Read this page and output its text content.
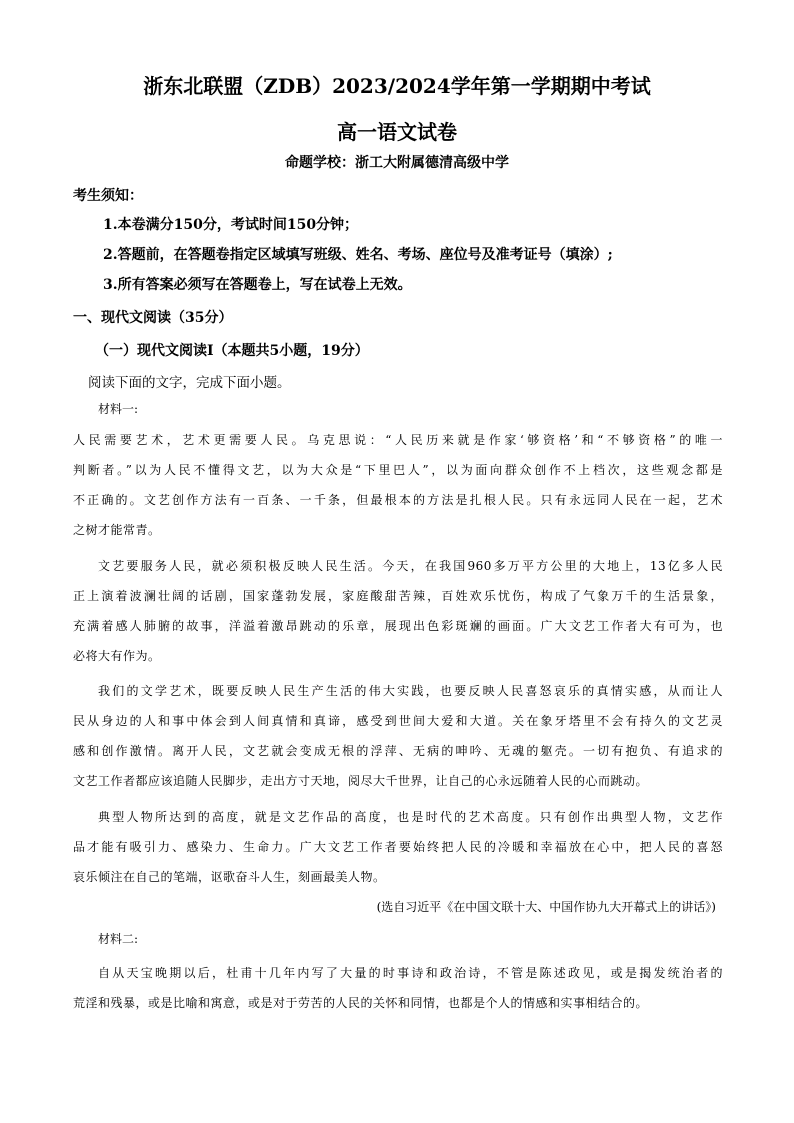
浙东北联盟（ZDB）2023/2024学年第一学期期中考试
高一语文试卷
命题学校：浙工大附属德清高级中学
考生须知：
1.本卷满分150分，考试时间150分钟；
2.答题前，在答题卷指定区域填写班级、姓名、考场、座位号及准考证号（填涂）;
3.所有答案必须写在答题卷上，写在试卷上无效。
一、现代文阅读（35分）
（一）现代文阅读Ⅰ（本题共5小题，19分）
阅读下面的文字，完成下面小题。
材料一:
人民需要艺术，艺术更需要人民。乌克思说：“人民历来就是作家‘够资格’和“不够资格”的唯一
判断者。”以为人民不懂得文艺，以为大众是“下里巴人”，以为面向群众创作不上档次，这些观念都是
不正确的。文艺创作方法有一百条、一千条，但最根本的方法是扎根人民。只有永远同人民在一起，艺术
之树才能常青。
文艺要服务人民，就必须积极反映人民生活。今天，在我国960多万平方公里的大地上，13亿多人民
正上演着波澜壮阔的话剧，国家蓬勃发展，家庭酸甜苦辣，百姓欢乐忧伤，构成了气象万千的生活景象，
充满着感人肺腑的故事，洋溢着激昂跳动的乐章，展现出色彩斑斓的画面。广大文艺工作者大有可为，也
必将大有作为。
我们的文学艺术，既要反映人民生产生活的伟大实践，也要反映人民喜怒哀乐的真情实感，从而让人
民从身边的人和事中体会到人间真情和真谛，感受到世间大爱和大道。关在象牙塔里不会有持久的文艺灵
感和创作激情。离开人民，文艺就会变成无根的浮萍、无病的呻吟、无魂的躯壳。一切有抱负、有追求的
文艺工作者都应该追随人民脚步，走出方寸天地，阅尽大千世界，让自己的心永远随着人民的心而跳动。
典型人物所达到的高度，就是文艺作品的高度，也是时代的艺术高度。只有创作出典型人物，文艺作
品才能有吸引力、感染力、生命力。广大文艺工作者要始终把人民的冷暖和幸福放在心中，把人民的喜怒
哀乐倾注在自己的笔端，讴歌奋斗人生，刻画最美人物。
(选自习近平《在中国文联十大、中国作协九大开幕式上的讲话》)
材料二:
自从天宝晚期以后，杜甫十几年内写了大量的时事诗和政治诗，不管是陈述政见，或是揭发统治者的
荒淫和残暴，或是比喻和寓意，或是对于劳苦的人民的关怀和同情，也都是个人的情感和实事相结合的。
